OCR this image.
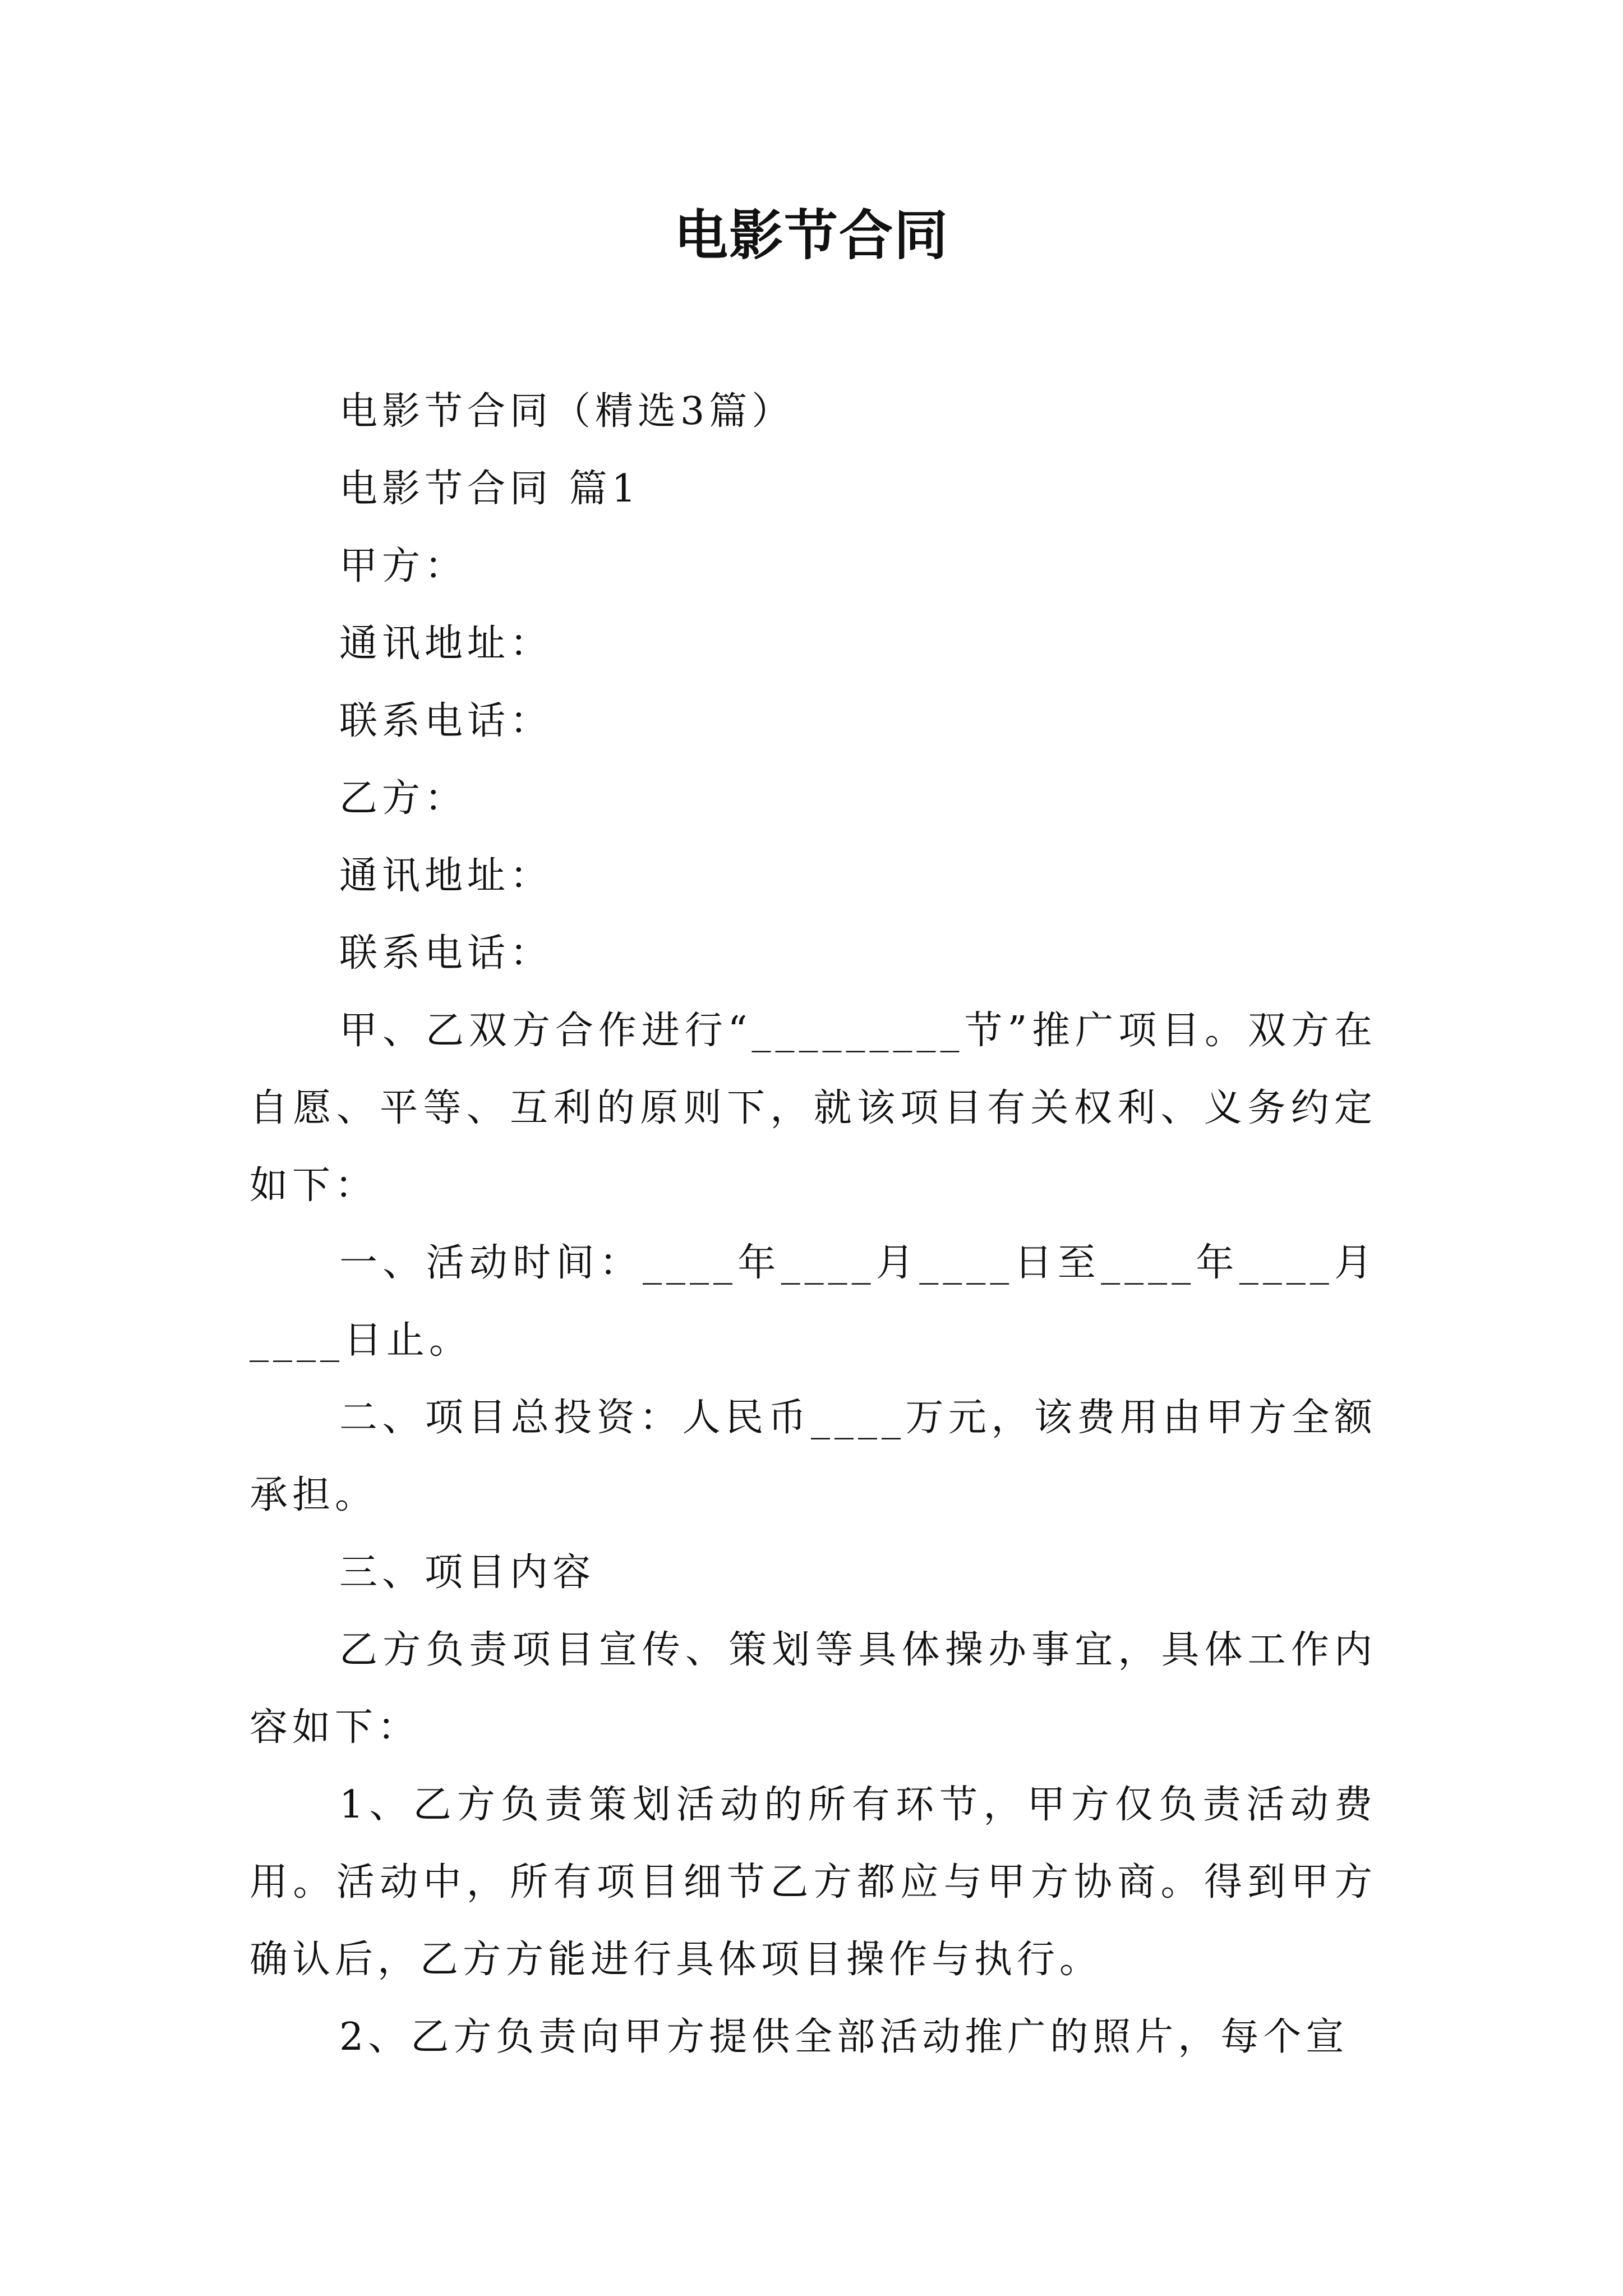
电影节合同

电影节合同（精选3篇）

电影节合同 篇1

甲方：

通讯地址：

联系电话：

乙方：

通讯地址：

联系电话：

甲、乙双方合作进行“_________节”推广项目。双方在自愿、平等、互利的原则下，就该项目有关权利、义务约定如下：

一、活动时间：____年____月____日至____年____月____日止。

二、项目总投资：人民币____万元，该费用由甲方全额承担。

三、项目内容

乙方负责项目宣传、策划等具体操办事宜，具体工作内容如下：

1、乙方负责策划活动的所有环节，甲方仅负责活动费用。活动中，所有项目细节乙方都应与甲方协商。得到甲方确认后，乙方方能进行具体项目操作与执行。

2、乙方负责向甲方提供全部活动推广的照片，每个宣
